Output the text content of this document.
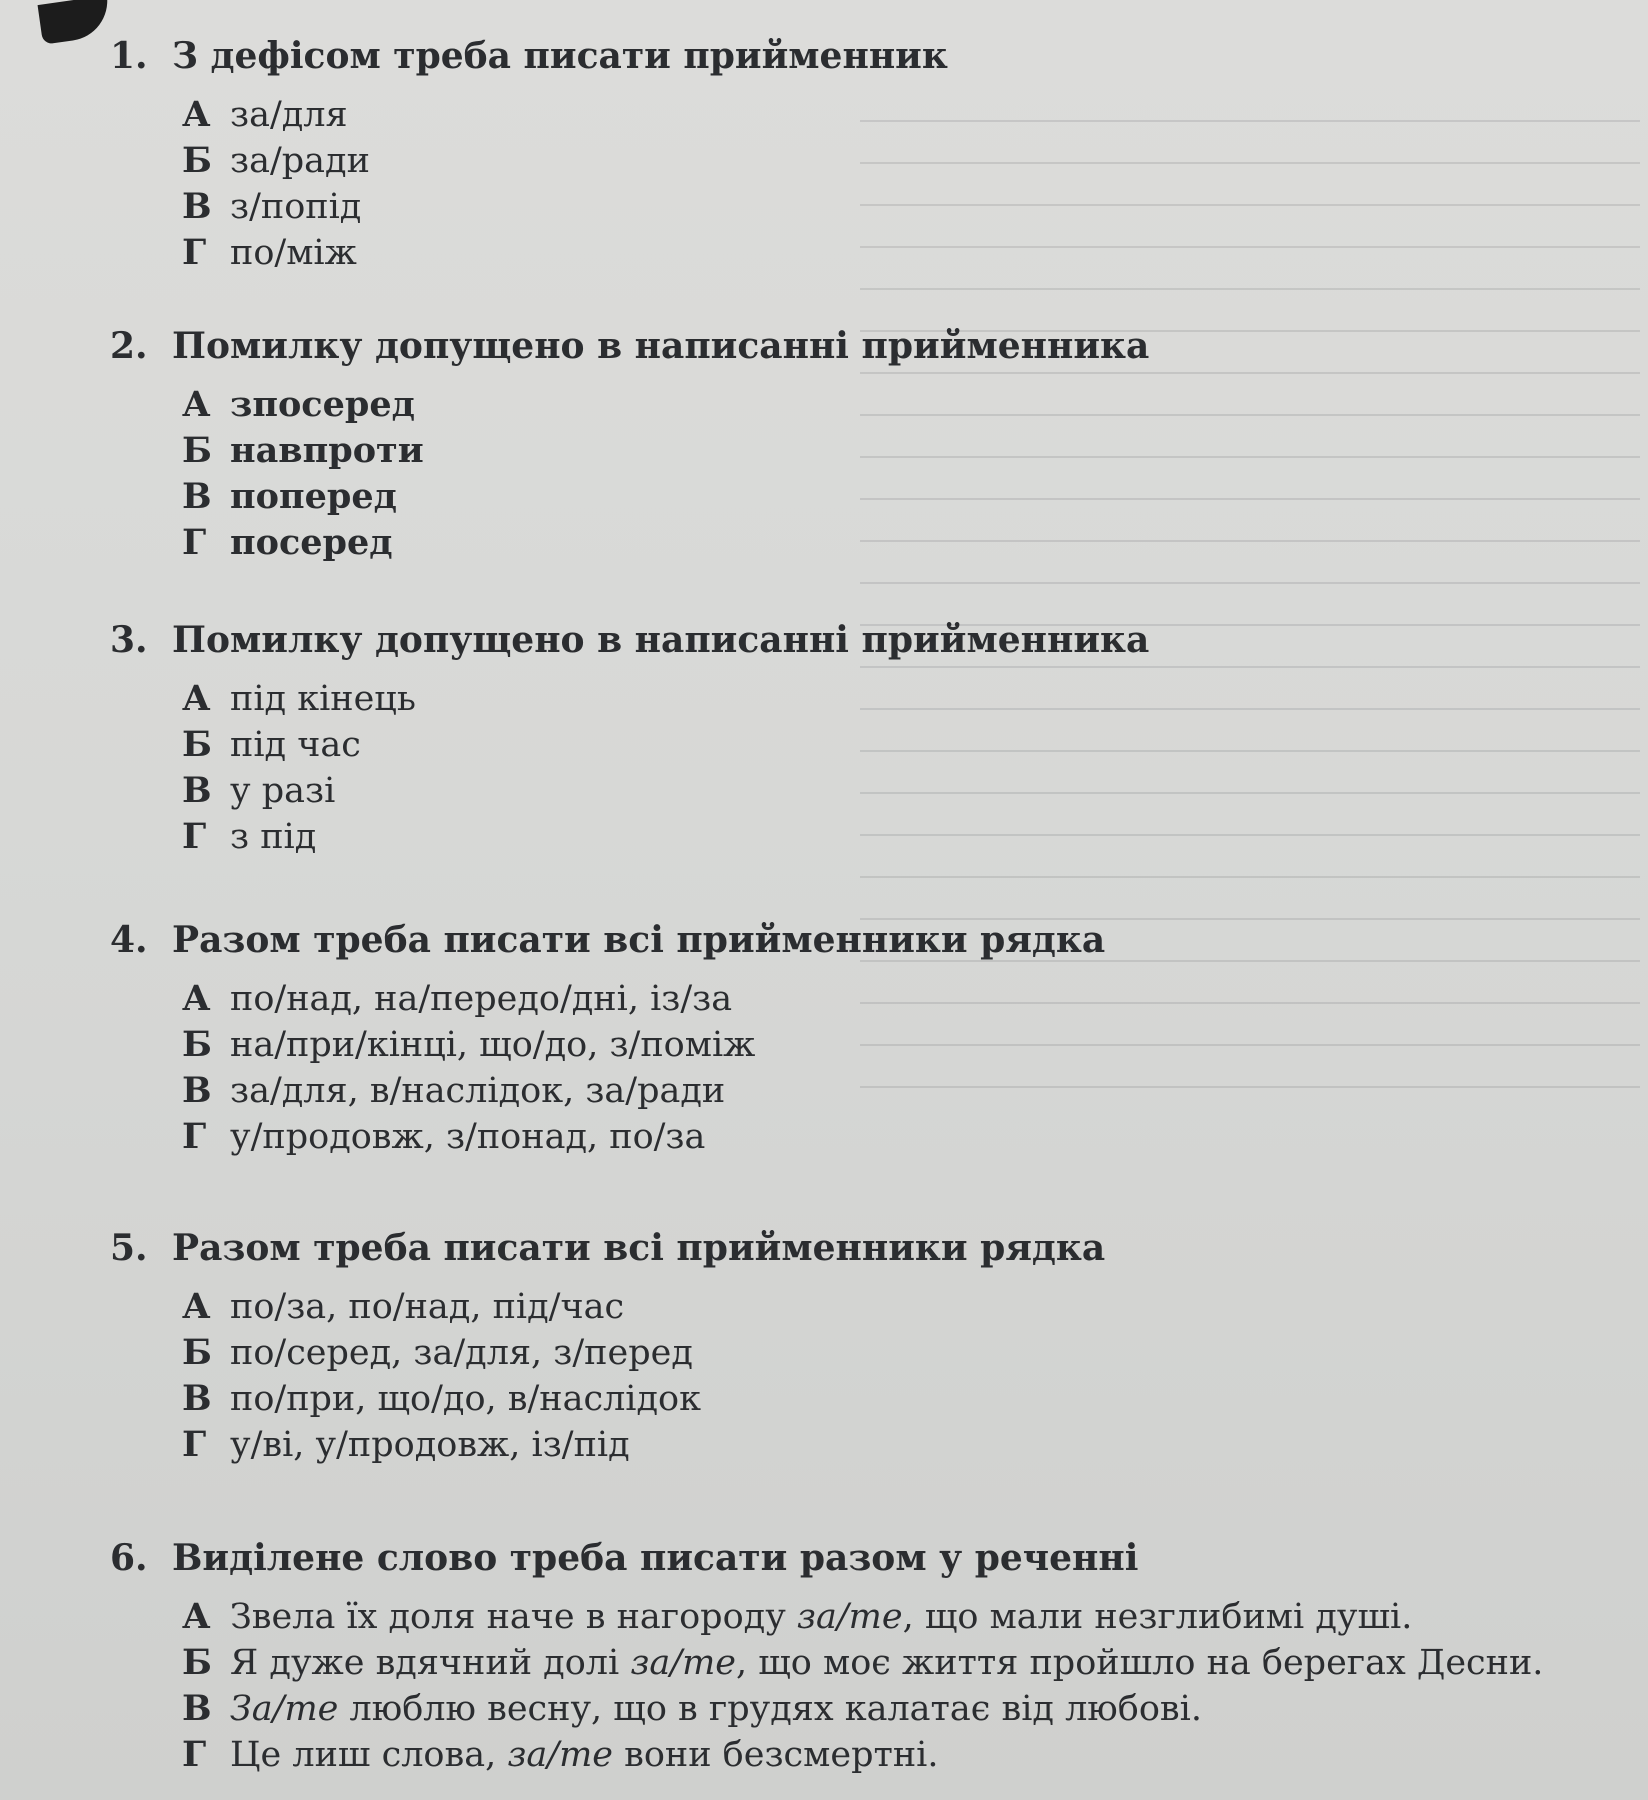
1. З дефісом треба писати прийменник
А за/для
Б за/ради
В з/попід
Г по/між
2. Помилку допущено в написанні прийменника
А зпосеред
Б навпроти
В поперед
Г посеред
3. Помилку допущено в написанні прийменника
А під кінець
Б під час
В у разі
Г з під
4. Разом треба писати всі прийменники рядка
А по/над, на/передо/дні, із/за
Б на/при/кінці, що/до, з/поміж
В за/для, в/наслідок, за/ради
Г у/продовж, з/понад, по/за
5. Разом треба писати всі прийменники рядка
А по/за, по/над, під/час
Б по/серед, за/для, з/перед
В по/при, що/до, в/наслідок
Г у/ві, у/продовж, із/під
6. Виділене слово треба писати разом у реченні
А Звела їх доля наче в нагороду за/те, що мали незглибимі душі.
Б Я дуже вдячний долі за/те, що моє життя пройшло на берегах Десни.
В За/те люблю весну, що в грудях калатає від любові.
Г Це лиш слова, за/те вони безсмертні.
